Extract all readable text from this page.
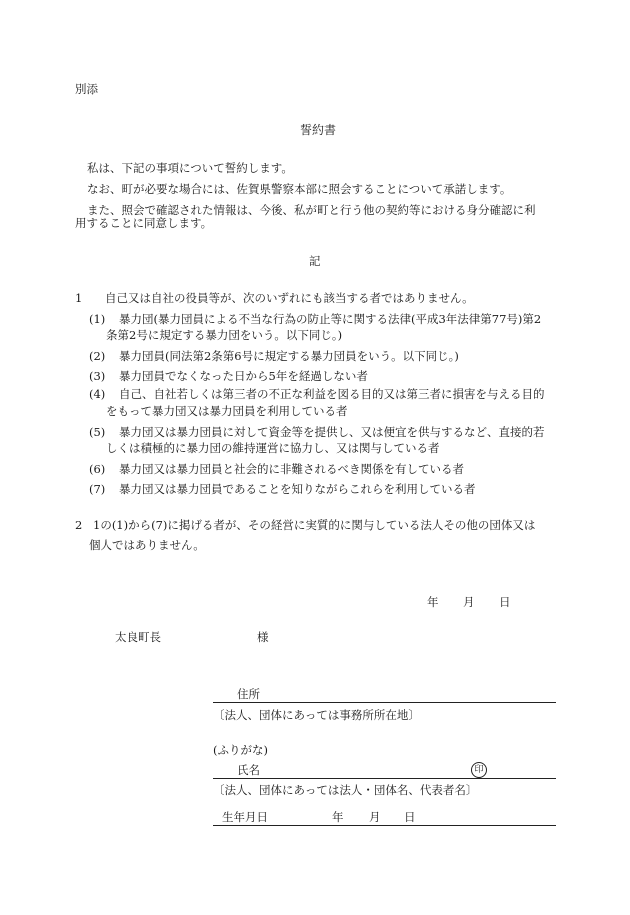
別添
誓約書
私は、下記の事項について誓約します。
なお、町が必要な場合には、佐賀県警察本部に照会することについて承諾します。
また、照会で確認された情報は、今後、私が町と行う他の契約等における身分確認に利
用することに同意します。
記
1 自己又は自社の役員等が、次のいずれにも該当する者ではありません。
(1) 暴力団(暴力団員による不当な行為の防止等に関する法律(平成3年法律第77号)第2
条第2号に規定する暴力団をいう。以下同じ。)
(2) 暴力団員(同法第2条第6号に規定する暴力団員をいう。以下同じ。)
(3) 暴力団員でなくなった日から5年を経過しない者
(4) 自己、自社若しくは第三者の不正な利益を図る目的又は第三者に損害を与える目的
をもって暴力団又は暴力団員を利用している者
(5) 暴力団又は暴力団員に対して資金等を提供し、又は便宜を供与するなど、直接的若
しくは積極的に暴力団の維持運営に協力し、又は関与している者
(6) 暴力団又は暴力団員と社会的に非難されるべき関係を有している者
(7) 暴力団又は暴力団員であることを知りながらこれらを利用している者
2 1の(1)から(7)に掲げる者が、その経営に実質的に関与している法人その他の団体又は
個人ではありません。
年 月 日
太良町長	様
住所
〔法人、団体にあっては事務所所在地〕
(ふりがな)
氏名	印
〔法人、団体にあっては法人・団体名、代表者名〕
生年月日	年 月 日
